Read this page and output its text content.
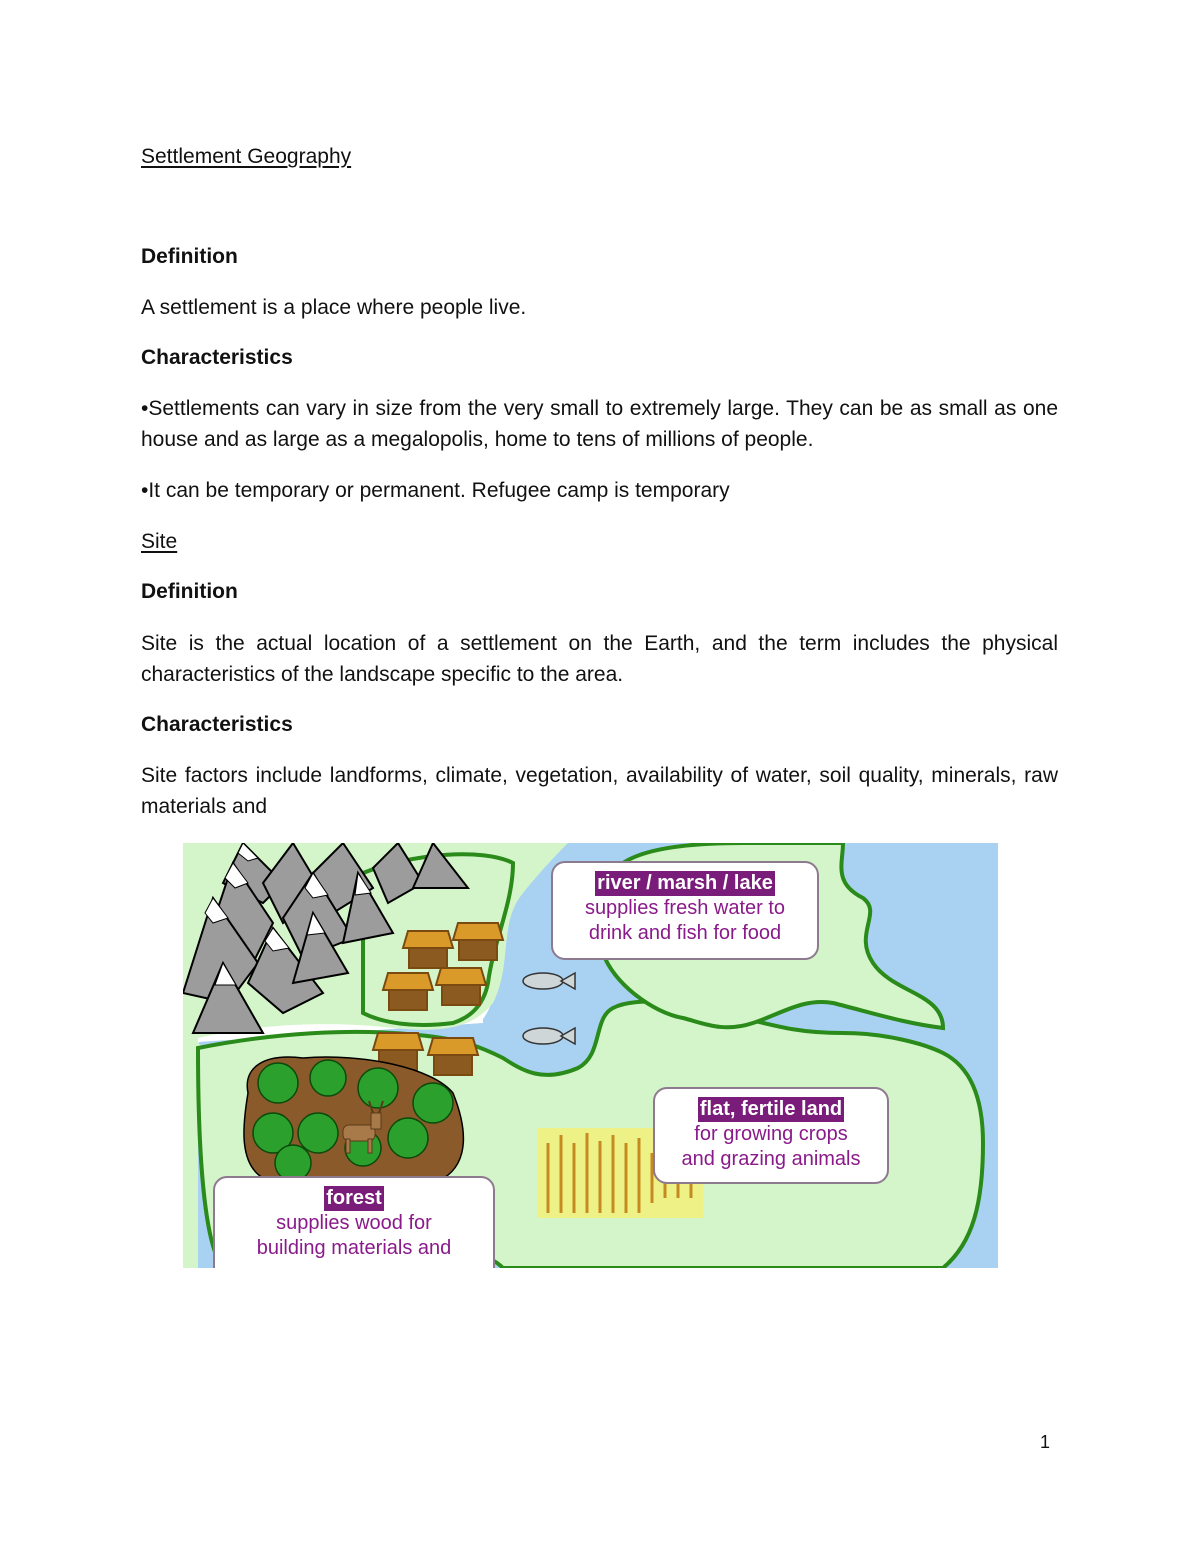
Settlement Geography

Definition

A settlement is a place where people live.

Characteristics

•Settlements can vary in size from the very small to extremely large. They can be as small as one house and as large as a megalopolis, home to tens of millions of people.

•It can be temporary or permanent. Refugee camp is temporary

Site

Definition

Site is the actual location of a settlement on the Earth, and the term includes the physical characteristics of the landscape specific to the area.

Characteristics

Site factors include landforms, climate, vegetation, availability of water, soil quality, minerals, raw materials and

river / marsh / lake
supplies fresh water to
drink and fish for food
flat, fertile land
for growing crops
and grazing animals
forest
supplies wood for
building materials and
1
